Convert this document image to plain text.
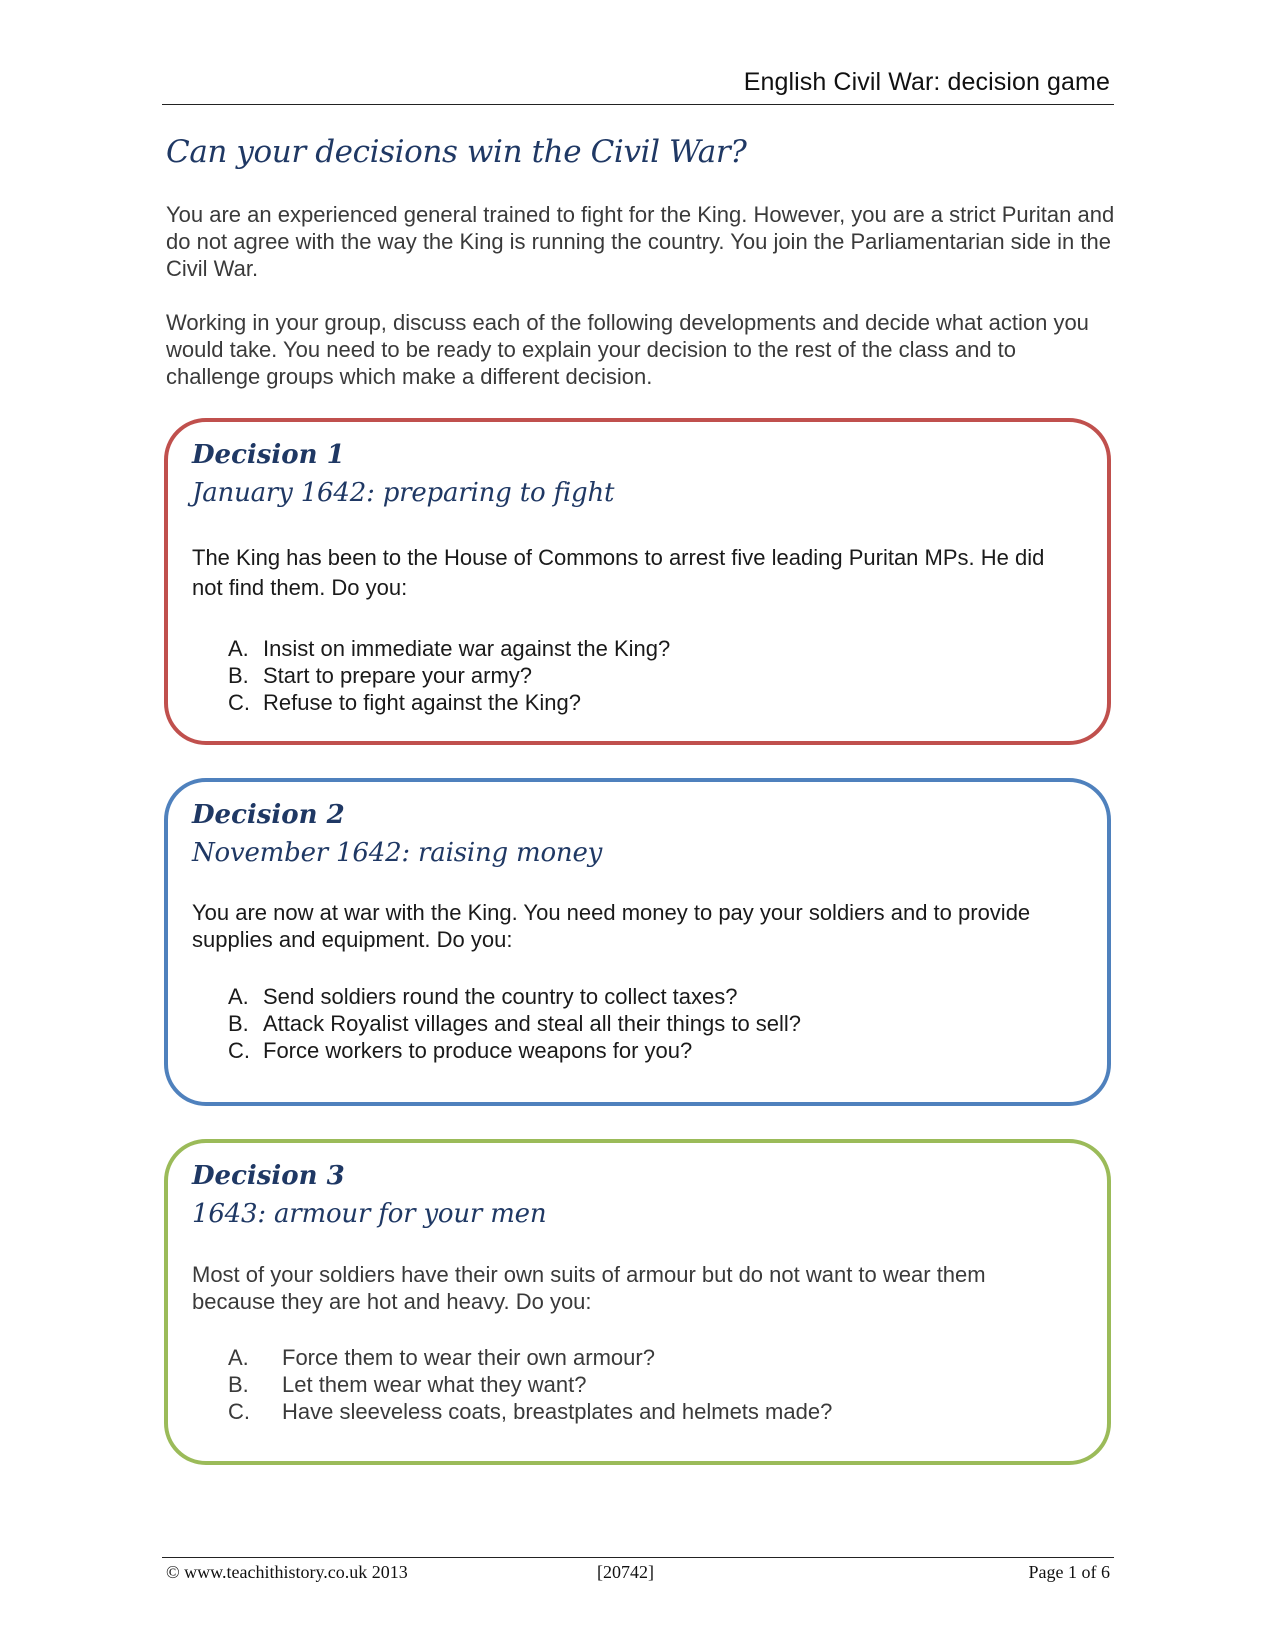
English Civil War: decision game
Can your decisions win the Civil War?

You are an experienced general trained to fight for the King. However, you are a strict Puritan and do not agree with the way the King is running the country. You join the Parliamentarian side in the Civil War.

Working in your group, discuss each of the following developments and decide what action you would take. You need to be ready to explain your decision to the rest of the class and to challenge groups which make a different decision.

Decision 1
January 1642: preparing to fight

The King has been to the House of Commons to arrest five leading Puritan MPs. He did not find them. Do you:

A. Insist on immediate war against the King?
B. Start to prepare your army?
C. Refuse to fight against the King?
Decision 2
November 1642: raising money

You are now at war with the King. You need money to pay your soldiers and to provide supplies and equipment. Do you:

A. Send soldiers round the country to collect taxes?
B. Attack Royalist villages and steal all their things to sell?
C. Force workers to produce weapons for you?
Decision 3
1643: armour for your men

Most of your soldiers have their own suits of armour but do not want to wear them because they are hot and heavy. Do you:

A. Force them to wear their own armour?
B. Let them wear what they want?
C. Have sleeveless coats, breastplates and helmets made?
© www.teachithistory.co.uk 2013	[20742]	Page 1 of 6
